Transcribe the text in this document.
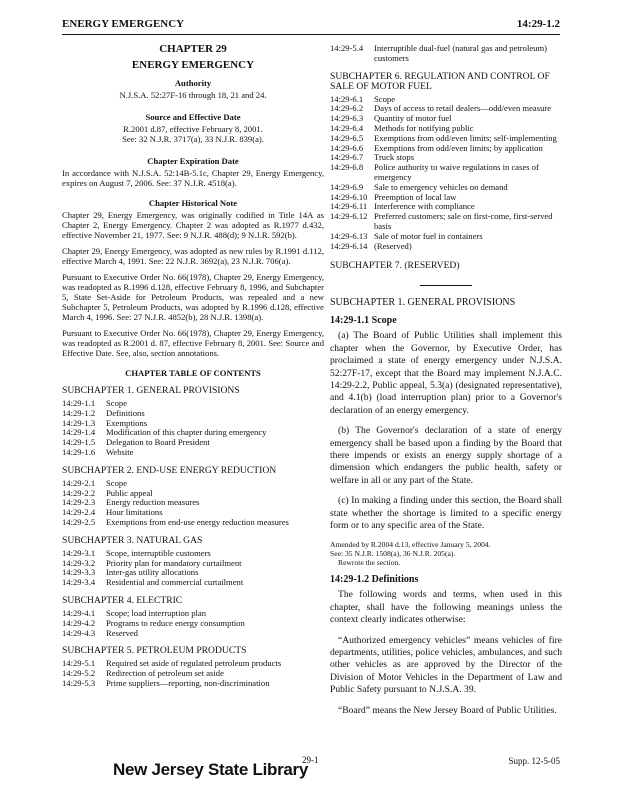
ENERGY EMERGENCY	14:29-1.2
CHAPTER 29
ENERGY EMERGENCY
Authority
N.J.S.A. 52:27F-16 through 18, 21 and 24.
Source and Effective Date
R.2001 d.87, effective February 8, 2001.
See: 32 N.J.R. 3717(a), 33 N.J.R. 839(a).
Chapter Expiration Date
In accordance with N.J.S.A. 52:14B-5.1c, Chapter 29, Energy Emergency, expires on August 7, 2006. See: 37 N.J.R. 4518(a).
Chapter Historical Note
Chapter 29, Energy Emergency, was originally codified in Title 14A as Chapter 2, Energy Emergency. Chapter 2 was adopted as R.1977 d.432, effective November 21, 1977. See: 9 N.J.R. 488(d); 9 N.J.R. 592(b).
Chapter 29, Energy Emergency, was adopted as new rules by R.1991 d.112, effective March 4, 1991. See: 22 N.J.R. 3692(a), 23 N.J.R. 706(a).
Pursuant to Executive Order No. 66(1978), Chapter 29, Energy Emergency, was readopted as R.1996 d.128, effective February 8, 1996, and Subchapter 5, State Set-Aside for Petroleum Products, was repealed and a new Subchapter 5, Petroleum Products, was adopted by R.1996 d.128, effective March 4, 1996. See: 27 N.J.R. 4852(b), 28 N.J.R. 1398(a).
Pursuant to Executive Order No. 66(1978), Chapter 29, Energy Emergency, was readopted as R.2001 d. 87, effective February 8, 2001. See: Source and Effective Date. See, also, section annotations.
CHAPTER TABLE OF CONTENTS
SUBCHAPTER 1. GENERAL PROVISIONS
14:29-1.1	Scope
14:29-1.2	Definitions
14:29-1.3	Exemptions
14:29-1.4	Modification of this chapter during emergency
14:29-1.5	Delegation to Board President
14:29-1.6	Website
SUBCHAPTER 2. END-USE ENERGY REDUCTION
14:29-2.1	Scope
14:29-2.2	Public appeal
14:29-2.3	Energy reduction measures
14:29-2.4	Hour limitations
14:29-2.5	Exemptions from end-use energy reduction measures
SUBCHAPTER 3. NATURAL GAS
14:29-3.1	Scope, interruptible customers
14:29-3.2	Priority plan for mandatory curtailment
14:29-3.3	Inter-gas utility allocations
14:29-3.4	Residential and commercial curtailment
SUBCHAPTER 4. ELECTRIC
14:29-4.1	Scope; load interruption plan
14:29-4.2	Programs to reduce energy consumption
14:29-4.3	Reserved
SUBCHAPTER 5. PETROLEUM PRODUCTS
14:29-5.1	Required set aside of regulated petroleum products
14:29-5.2	Redirection of petroleum set aside
14:29-5.3	Prime suppliers—reporting, non-discrimination
14:29-5.4	Interruptible dual-fuel (natural gas and petroleum) customers
SUBCHAPTER 6. REGULATION AND CONTROL OF SALE OF MOTOR FUEL
14:29-6.1	Scope
14:29-6.2	Days of access to retail dealers—odd/even measure
14:29-6.3	Quantity of motor fuel
14:29-6.4	Methods for notifying public
14:29-6.5	Exemptions from odd/even limits; self-implementing
14:29-6.6	Exemptions from odd/even limits; by application
14:29-6.7	Truck stops
14:29-6.8	Police authority to waive regulations in cases of emergency
14:29-6.9	Sale to emergency vehicles on demand
14:29-6.10 Preemption of local law
14:29-6.11 Interference with compliance
14:29-6.12 Preferred customers; sale on first-come, first-served basis
14:29-6.13 Sale of motor fuel in containers
14:29-6.14 (Reserved)
SUBCHAPTER 7. (RESERVED)
SUBCHAPTER 1. GENERAL PROVISIONS
14:29-1.1 Scope
(a) The Board of Public Utilities shall implement this chapter when the Governor, by Executive Order, has proclaimed a state of energy emergency under N.J.S.A. 52:27F-17, except that the Board may implement N.J.A.C. 14:29-2.2, Public appeal, 5.3(a) (designated representative), and 4.1(b) (load interruption plan) prior to a Governor's declaration of an energy emergency.
(b) The Governor's declaration of a state of energy emergency shall be based upon a finding by the Board that there impends or exists an energy supply shortage of a dimension which endangers the public health, safety or welfare in all or any part of the State.
(c) In making a finding under this section, the Board shall state whether the shortage is limited to a specific energy form or to any specific area of the State.
Amended by R.2004 d.13, effective January 5, 2004.
See: 35 N.J.R. 1508(a), 36 N.J.R. 205(a).
Rewrote the section.
14:29-1.2 Definitions
The following words and terms, when used in this chapter, shall have the following meanings unless the context clearly indicates otherwise:
“Authorized emergency vehicles” means vehicles of fire departments, utilities, police vehicles, ambulances, and such other vehicles as are approved by the Director of the Division of Motor Vehicles in the Department of Law and Public Safety pursuant to N.J.S.A. 39.
“Board” means the New Jersey Board of Public Utilities.
New Jersey State Library
29-1	Supp. 12-5-05
